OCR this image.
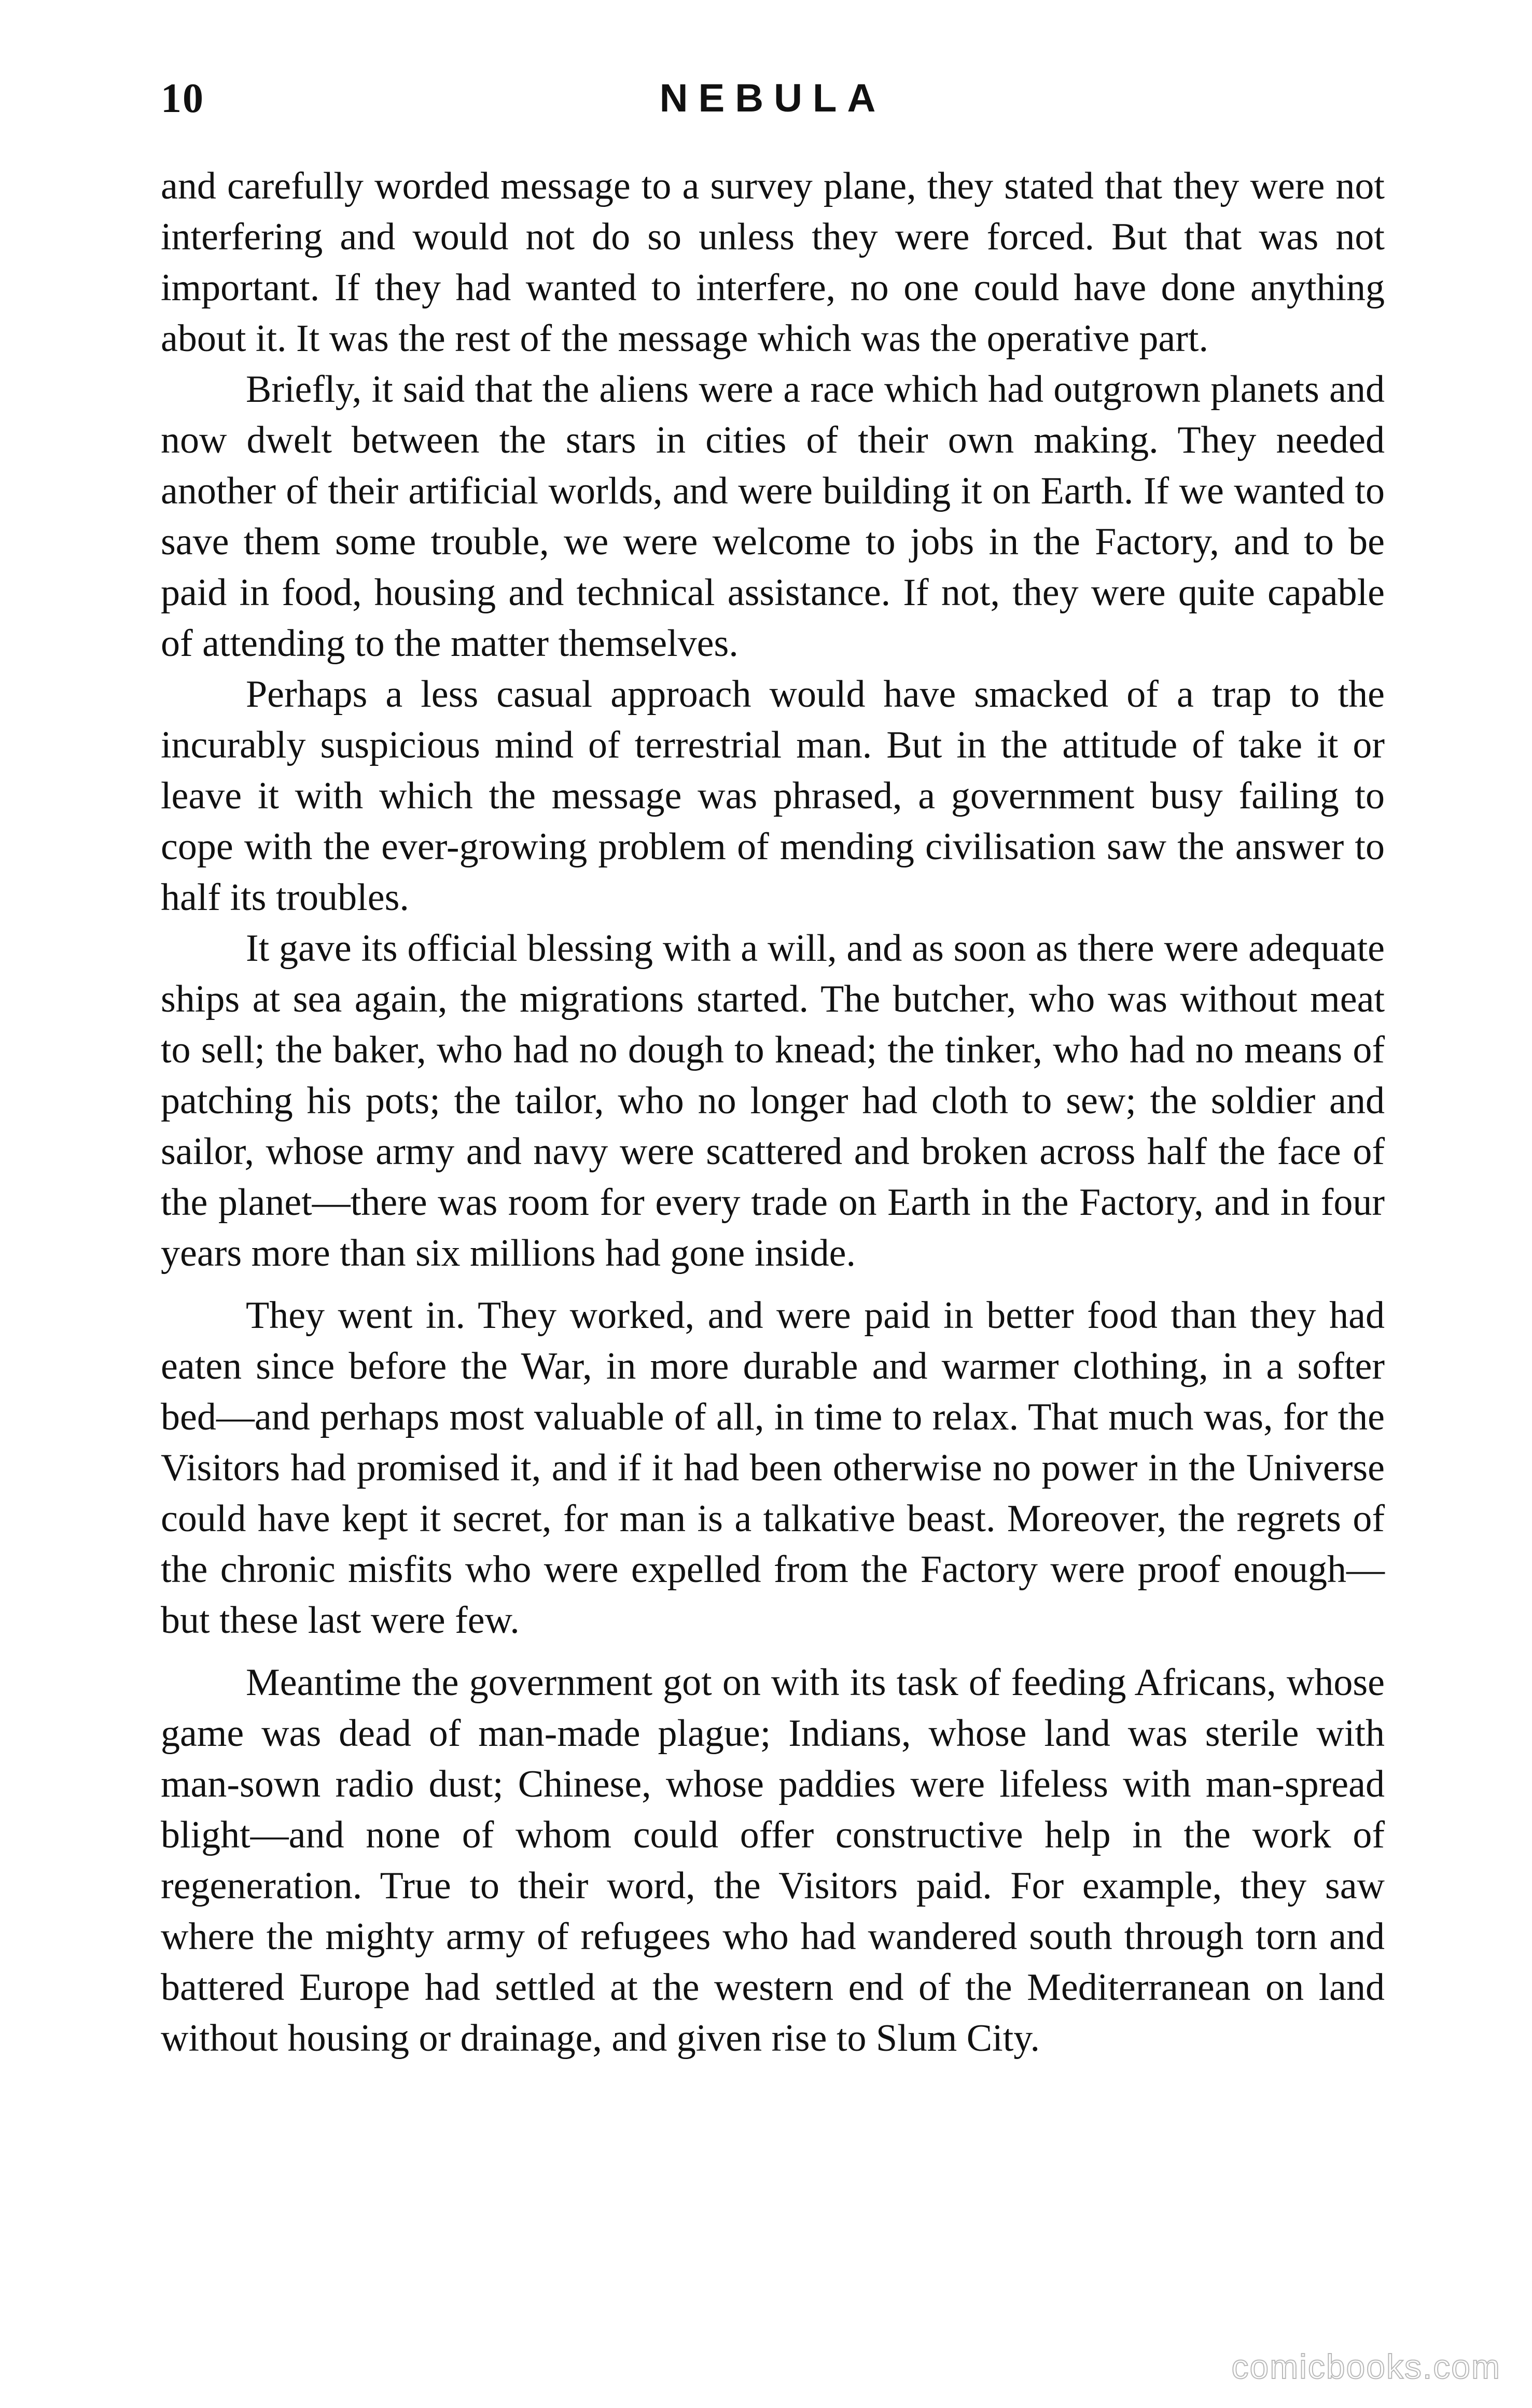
10	NEBULA

and carefully worded message to a survey plane, they stated that they were not interfering and would not do so unless they were forced. But that was not important. If they had wanted to interfere, no one could have done anything about it. It was the rest of the message which was the operative part.

Briefly, it said that the aliens were a race which had outgrown planets and now dwelt between the stars in cities of their own making. They needed another of their artificial worlds, and were building it on Earth. If we wanted to save them some trouble, we were welcome to jobs in the Factory, and to be paid in food, housing and technical assistance. If not, they were quite capable of attending to the matter themselves.

Perhaps a less casual approach would have smacked of a trap to the incurably suspicious mind of terrestrial man. But in the attitude of take it or leave it with which the message was phrased, a government busy failing to cope with the ever-growing problem of mending civilisation saw the answer to half its troubles.

It gave its official blessing with a will, and as soon as there were adequate ships at sea again, the migrations started. The butcher, who was without meat to sell; the baker, who had no dough to knead; the tinker, who had no means of patching his pots; the tailor, who no longer had cloth to sew; the soldier and sailor, whose army and navy were scattered and broken across half the face of the planet—there was room for every trade on Earth in the Factory, and in four years more than six millions had gone inside.

They went in. They worked, and were paid in better food than they had eaten since before the War, in more durable and warmer clothing, in a softer bed—and perhaps most valuable of all, in time to relax. That much was, for the Visitors had promised it, and if it had been otherwise no power in the Universe could have kept it secret, for man is a talkative beast. Moreover, the regrets of the chronic misfits who were expelled from the Factory were proof enough—but these last were few.

Meantime the government got on with its task of feeding Africans, whose game was dead of man-made plague; Indians, whose land was sterile with man-sown radio dust; Chinese, whose paddies were lifeless with man-spread blight—and none of whom could offer constructive help in the work of regeneration. True to their word, the Visitors paid. For example, they saw where the mighty army of refugees who had wandered south through torn and battered Europe had settled at the western end of the Mediterranean on land without housing or drainage, and given rise to Slum City.

comicbooks.com
